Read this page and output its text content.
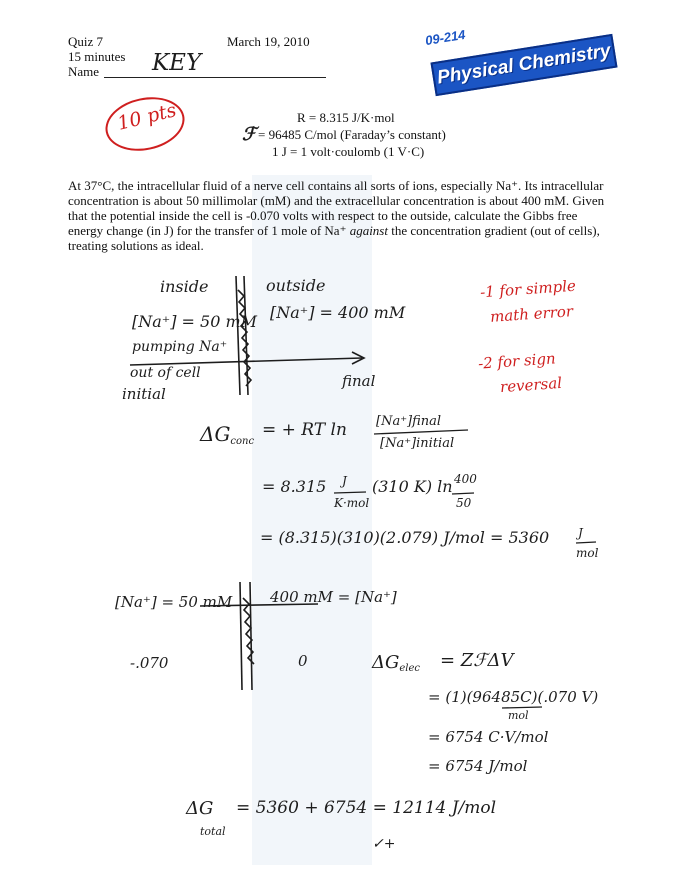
Quiz 7
15 minutes
Name KEY
March 19, 2010	09-214
Physical Chemistry
10 pts	R = 8.315 J/K·mol
ℱ = 96485 C/mol (Faraday’s constant)
1 J = 1 volt·coulomb (1 V·C)
At 37°C, the intracellular fluid of a nerve cell contains all sorts of ions, especially Na⁺. Its intracellular
concentration is about 50 millimolar (mM) and the extracellular concentration is about 400 mM. Given
that the potential inside the cell is -0.070 volts with respect to the outside, calculate the Gibbs free
energy change (in J) for the transfer of 1 mole of Na⁺ against the concentration gradient (out of cells),
treating solutions as ideal.
inside	outside
[Na⁺] = 50 mM [Na⁺] = 400 mM
pumping Na⁺
out of cell
initial
final
-1 for simple
math error
-2 for sign
reversal
$\Delta G_{conc}$
= + RT ln [Na⁺]final
[Na⁺]initial
= 8.315 J
K·mol
(310 K) ln 400
50
= (8.315)(310)(2.079) J/mol = 5360 J
mol
[Na⁺] = 50 mM	400 mM = [Na⁺]
-.070	0	$\Delta G_{elec}$ = ZℱΔV
= (1)(96485C)(.070 V)
mol
= 6754 C·V/mol
= 6754 J/mol
ΔG
total
= 5360 + 6754 = 12114 J/mol
✓+
